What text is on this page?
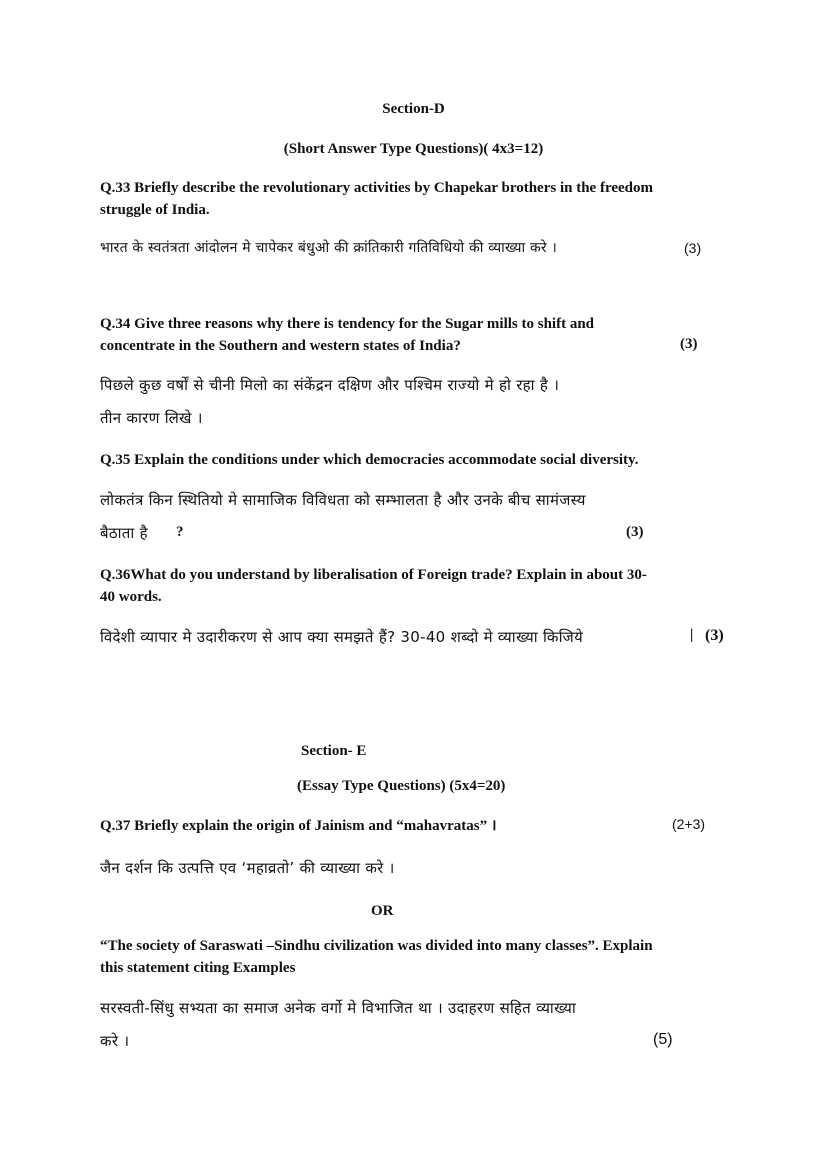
Section-D
(Short Answer Type Questions)( 4x3=12)
Q.33 Briefly describe the revolutionary activities by Chapekar brothers in the freedom
struggle of India.
भारत के स्वतंत्रता आंदोलन मे चापेकर बंधुओ की क्रांतिकारी गतिविधियो की व्याख्या करे ।	(3)
Q.34 Give three reasons why there is tendency for the Sugar mills to shift and
concentrate in the Southern and western states of India?	(3)
पिछले कुछ वर्षों से चीनी मिलो का संकेंद्रन दक्षिण और पश्चिम राज्यो मे हो रहा है ।
तीन कारण लिखे ।
Q.35 Explain the conditions under which democracies accommodate social diversity.
लोकतंत्र किन स्थितियो मे सामाजिक विविधता को सम्भालता है और उनके बीच सामंजस्य
बैठाता है ?	(3)
Q.36What do you understand by liberalisation of Foreign trade? Explain in about 30-
40 words.
विदेशी व्यापार मे उदारीकरण से आप क्या समझते हैं? 30-40 शब्दो मे व्याख्या किजिये	| (3)
Section- E
(Essay Type Questions) (5x4=20)
Q.37 Briefly explain the origin of Jainism and “mahavratas” ।	(2+3)
जैन दर्शन कि उत्पत्ति एव ‘महाव्रतो’ की व्याख्या करे ।
OR
“The society of Saraswati –Sindhu civilization was divided into many classes”. Explain
this statement citing Examples
सरस्वती-सिंधु सभ्यता का समाज अनेक वर्गो मे विभाजित था । उदाहरण सहित व्याख्या
करे ।	(5)
